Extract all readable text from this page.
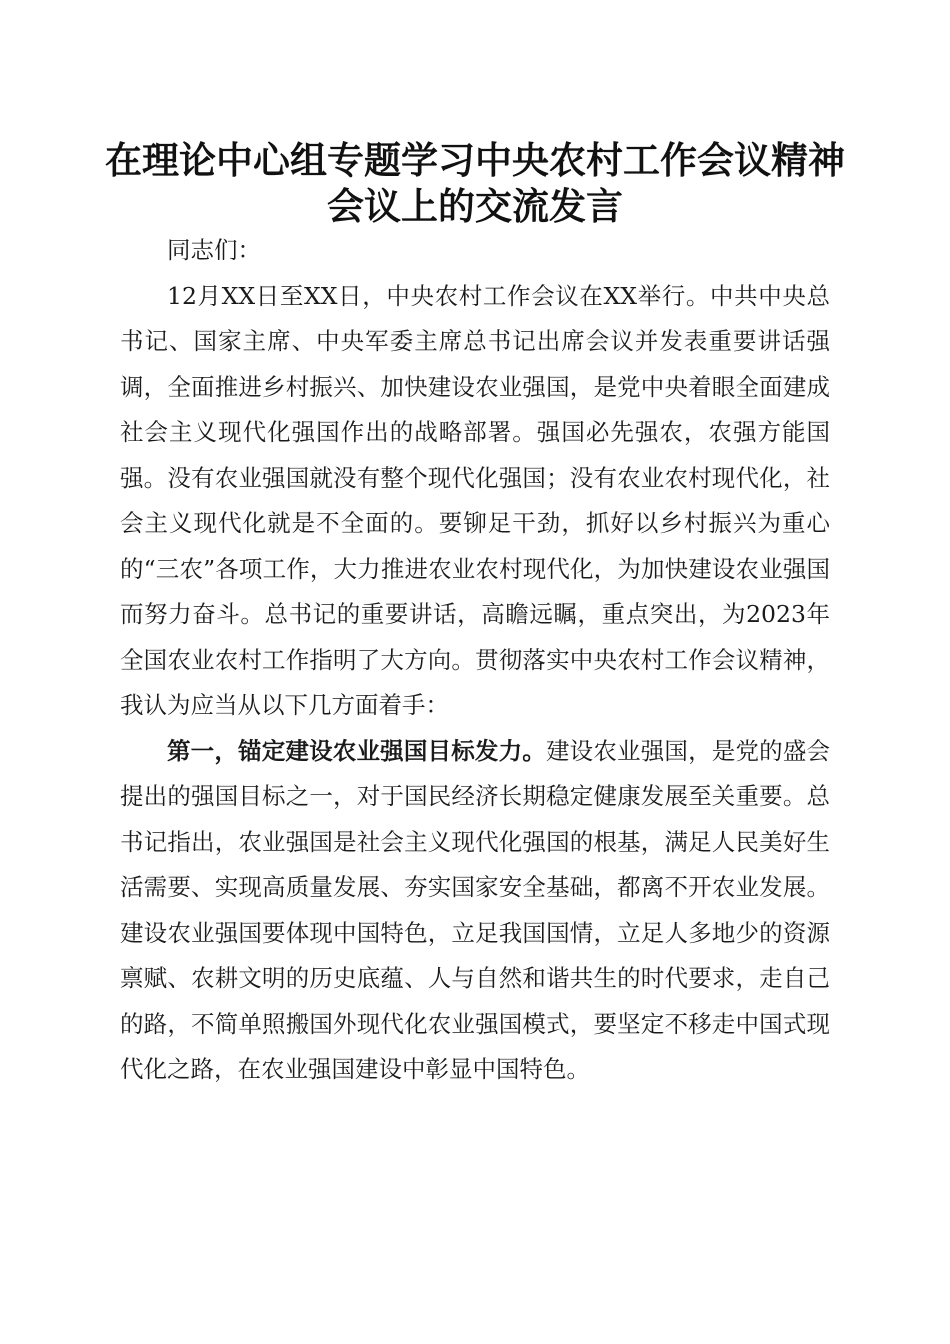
在理论中心组专题学习中央农村工作会议精神
会议上的交流发言

同志们：

12月XX日至XX日，中央农村工作会议在XX举行。中共中央总书记、国家主席、中央军委主席总书记出席会议并发表重要讲话强调，全面推进乡村振兴、加快建设农业强国，是党中央着眼全面建成社会主义现代化强国作出的战略部署。强国必先强农，农强方能国强。没有农业强国就没有整个现代化强国；没有农业农村现代化，社会主义现代化就是不全面的。要铆足干劲，抓好以乡村振兴为重心的“三农”各项工作，大力推进农业农村现代化，为加快建设农业强国而努力奋斗。总书记的重要讲话，高瞻远瞩，重点突出，为2023年全国农业农村工作指明了大方向。贯彻落实中央农村工作会议精神，我认为应当从以下几方面着手：

第一，锚定建设农业强国目标发力。建设农业强国，是党的盛会提出的强国目标之一，对于国民经济长期稳定健康发展至关重要。总书记指出，农业强国是社会主义现代化强国的根基，满足人民美好生活需要、实现高质量发展、夯实国家安全基础，都离不开农业发展。建设农业强国要体现中国特色，立足我国国情，立足人多地少的资源禀赋、农耕文明的历史底蕴、人与自然和谐共生的时代要求，走自己的路，不简单照搬国外现代化农业强国模式，要坚定不移走中国式现代化之路，在农业强国建设中彰显中国特色。
